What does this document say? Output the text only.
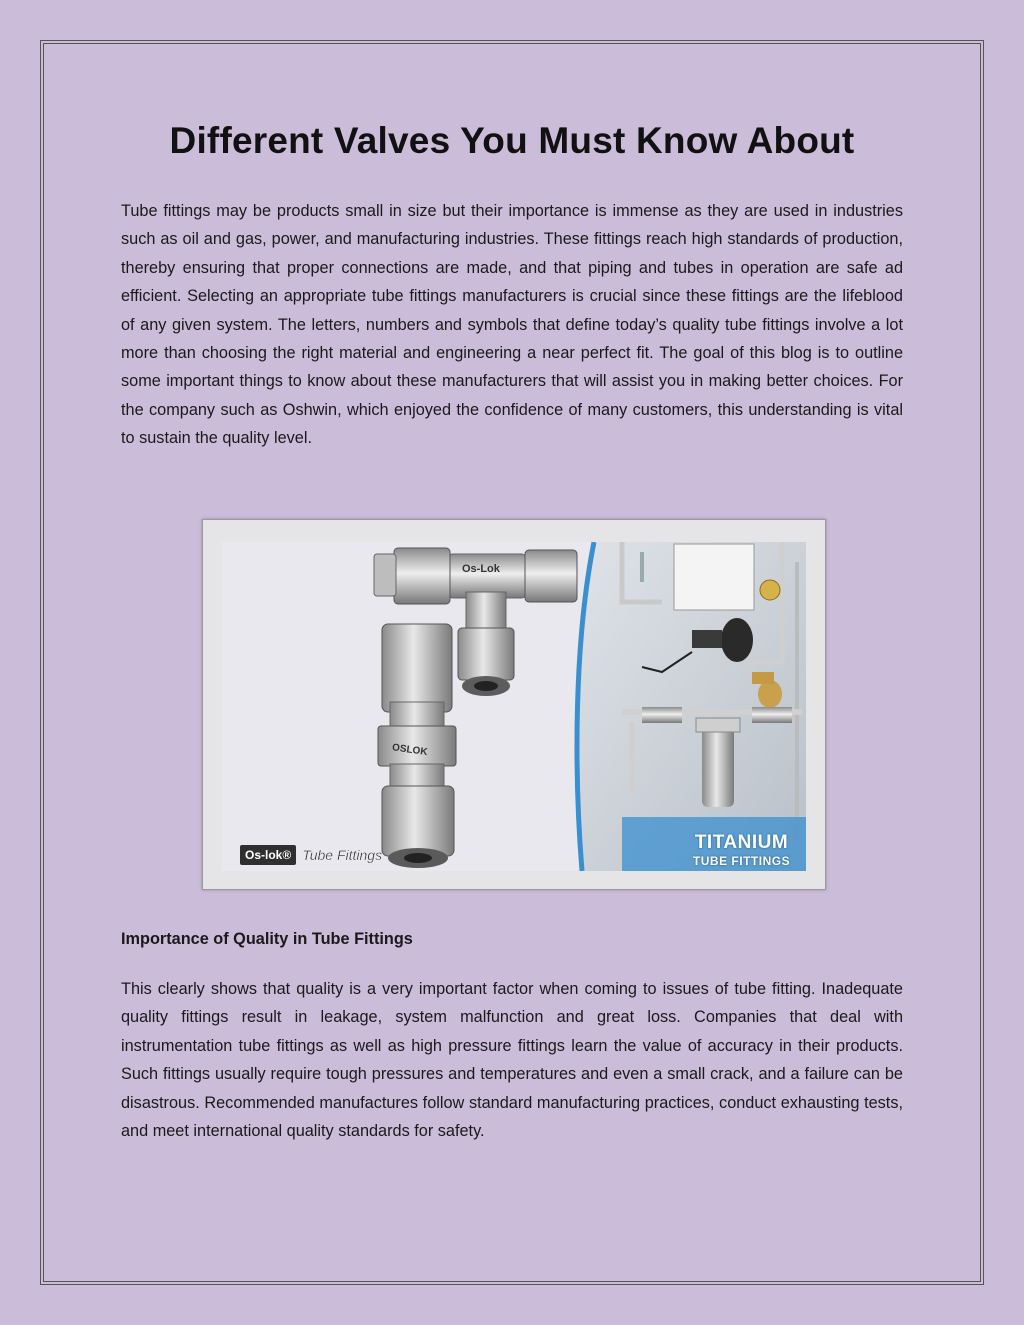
Different Valves You Must Know About

Tube fittings may be products small in size but their importance is immense as they are used in industries such as oil and gas, power, and manufacturing industries. These fittings reach high standards of production, thereby ensuring that proper connections are made, and that piping and tubes in operation are safe ad efficient. Selecting an appropriate tube fittings manufacturers is crucial since these fittings are the lifeblood of any given system. The letters, numbers and symbols that define today’s quality tube fittings involve a lot more than choosing the right material and engineering a near perfect fit. The goal of this blog is to outline some important things to know about these manufacturers that will assist you in making better choices. For the company such as Oshwin, which enjoyed the confidence of many customers, this understanding is vital to sustain the quality level.

Os-Lok
OSLOK
Os-lok® Tube Fittings
TITANIUM
TUBE FITTINGS
Importance of Quality in Tube Fittings

This clearly shows that quality is a very important factor when coming to issues of tube fitting. Inadequate quality fittings result in leakage, system malfunction and great loss. Companies that deal with instrumentation tube fittings as well as high pressure fittings learn the value of accuracy in their products. Such fittings usually require tough pressures and temperatures and even a small crack, and a failure can be disastrous. Recommended manufactures follow standard manufacturing practices, conduct exhausting tests, and meet international quality standards for safety.
